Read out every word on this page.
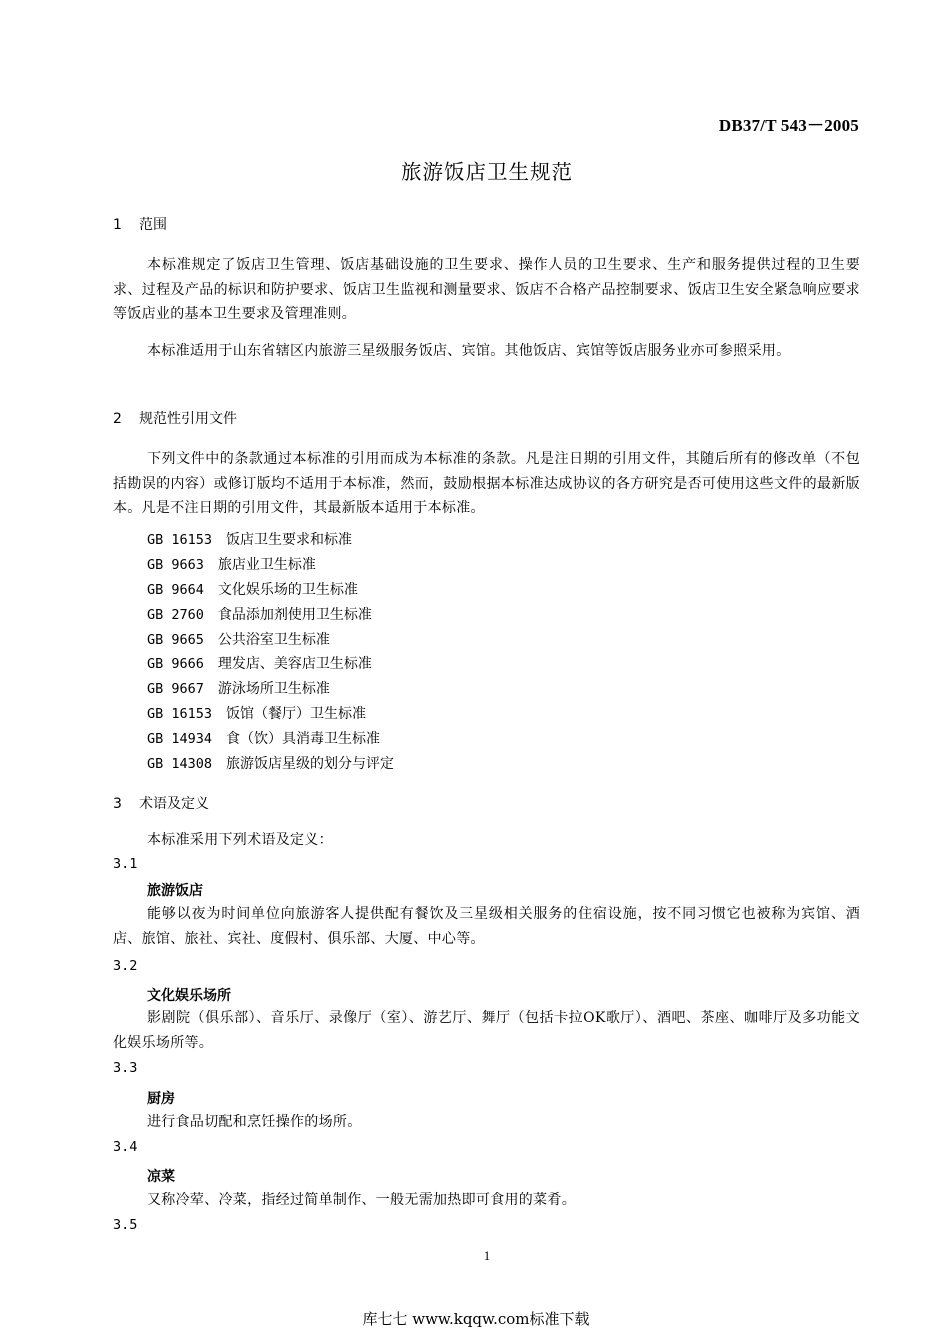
DB37/T 543－2005
旅游饭店卫生规范
1 范围
本标准规定了饭店卫生管理、饭店基础设施的卫生要求、操作人员的卫生要求、生产和服务提供过程的卫生要求、过程及产品的标识和防护要求、饭店卫生监视和测量要求、饭店不合格产品控制要求、饭店卫生安全紧急响应要求等饭店业的基本卫生要求及管理准则。
本标准适用于山东省辖区内旅游三星级服务饭店、宾馆。其他饭店、宾馆等饭店服务业亦可参照采用。
2 规范性引用文件
下列文件中的条款通过本标准的引用而成为本标准的条款。凡是注日期的引用文件，其随后所有的修改单（不包括勘误的内容）或修订版均不适用于本标准，然而，鼓励根据本标准达成协议的各方研究是否可使用这些文件的最新版本。凡是不注日期的引用文件，其最新版本适用于本标准。
GB 16153 饭店卫生要求和标准
GB 9663 旅店业卫生标准
GB 9664 文化娱乐场的卫生标准
GB 2760 食品添加剂使用卫生标准
GB 9665 公共浴室卫生标准
GB 9666 理发店、美容店卫生标准
GB 9667 游泳场所卫生标准
GB 16153 饭馆（餐厅）卫生标准
GB 14934 食（饮）具消毒卫生标准
GB 14308 旅游饭店星级的划分与评定
3 术语及定义
本标准采用下列术语及定义：
3.1
旅游饭店
能够以夜为时间单位向旅游客人提供配有餐饮及三星级相关服务的住宿设施，按不同习惯它也被称为宾馆、酒店、旅馆、旅社、宾社、度假村、俱乐部、大厦、中心等。
3.2
文化娱乐场所
影剧院（俱乐部）、音乐厅、录像厅（室）、游艺厅、舞厅（包括卡拉OK歌厅）、酒吧、茶座、咖啡厅及多功能文化娱乐场所等。
3.3
厨房
进行食品切配和烹饪操作的场所。
3.4
凉菜
又称冷荤、冷菜，指经过简单制作、一般无需加热即可食用的菜肴。
3.5
1
库七七 www.kqqw.com标准下载
